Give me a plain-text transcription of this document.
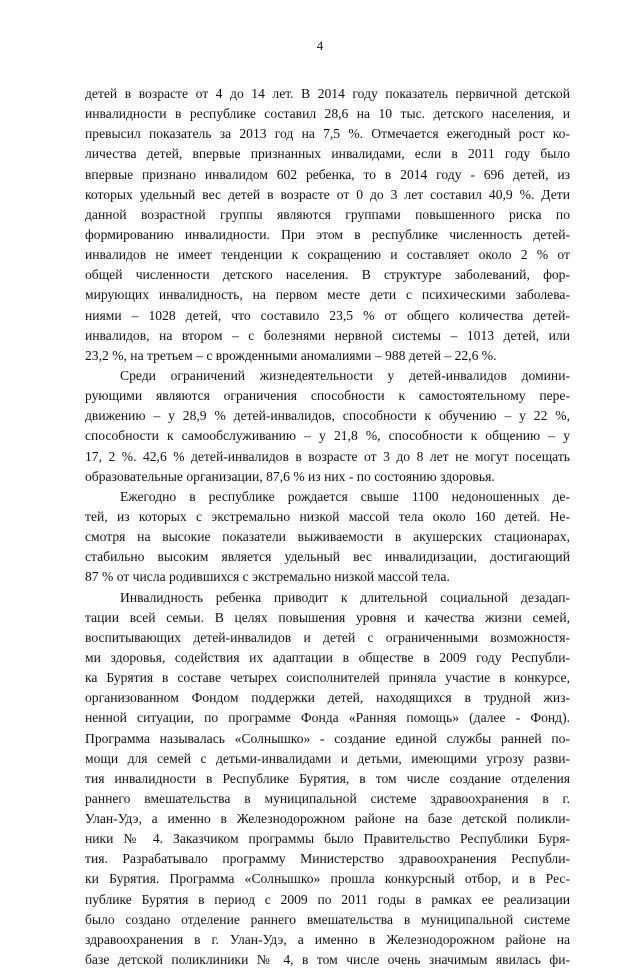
4
детей в возрасте от 4 до 14 лет. В 2014 году показатель первичной детской
инвалидности в республике составил 28,6 на 10 тыс. детского населения, и
превысил показатель за 2013 год на 7,5 %. Отмечается ежегодный рост ко-
личества детей, впервые признанных инвалидами, если в 2011 году было
впервые признано инвалидом 602 ребенка, то в 2014 году - 696 детей, из
которых удельный вес детей в возрасте от 0 до 3 лет составил 40,9 %. Дети
данной возрастной группы являются группами повышенного риска по
формированию инвалидности. При этом в республике численность детей-
инвалидов не имеет тенденции к сокращению и составляет около 2 % от
общей численности детского населения. В структуре заболеваний, фор-
мирующих инвалидность, на первом месте дети с психическими заболева-
ниями – 1028 детей, что составило 23,5 % от общего количества детей-
инвалидов, на втором – с болезнями нервной системы – 1013 детей, или
23,2 %, на третьем – с врожденными аномалиями – 988 детей – 22,6 %.
Среди ограничений жизнедеятельности у детей-инвалидов домини-
рующими являются ограничения способности к самостоятельному пере-
движению – у 28,9 % детей-инвалидов, способности к обучению – у 22 %,
способности к самообслуживанию – у 21,8 %, способности к общению – у
17, 2 %. 42,6 % детей-инвалидов в возрасте от 3 до 8 лет не могут посещать
образовательные организации, 87,6 % из них - по состоянию здоровья.
Ежегодно в республике рождается свыше 1100 недоношенных де-
тей, из которых с экстремально низкой массой тела около 160 детей. Не-
смотря на высокие показатели выживаемости в акушерских стационарах,
стабильно высоким является удельный вес инвалидизации, достигающий
87 % от числа родившихся с экстремально низкой массой тела.
Инвалидность ребенка приводит к длительной социальной дезадап-
тации всей семьи. В целях повышения уровня и качества жизни семей,
воспитывающих детей-инвалидов и детей с ограниченными возможностя-
ми здоровья, содействия их адаптации в обществе в 2009 году Республи-
ка Бурятия в составе четырех соисполнителей приняла участие в конкурсе,
организованном Фондом поддержки детей, находящихся в трудной жиз-
ненной ситуации, по программе Фонда «Ранняя помощь» (далее - Фонд).
Программа называлась «Солнышко» - создание единой службы ранней по-
мощи для семей с детьми-инвалидами и детьми, имеющими угрозу разви-
тия инвалидности в Республике Бурятия, в том числе создание отделения
раннего вмешательства в муниципальной системе здравоохранения в г.
Улан-Удэ, а именно в Железнодорожном районе на базе детской поликли-
ники № 4. Заказчиком программы было Правительство Республики Буря-
тия. Разрабатывало программу Министерство здравоохранения Республи-
ки Бурятия. Программа «Солнышко» прошла конкурсный отбор, и в Рес-
публике Бурятия в период с 2009 по 2011 годы в рамках ее реализации
было создано отделение раннего вмешательства в муниципальной системе
здравоохранения в г. Улан-Удэ, а именно в Железнодорожном районе на
базе детской поликлиники № 4, в том числе очень значимым явилась фи-
